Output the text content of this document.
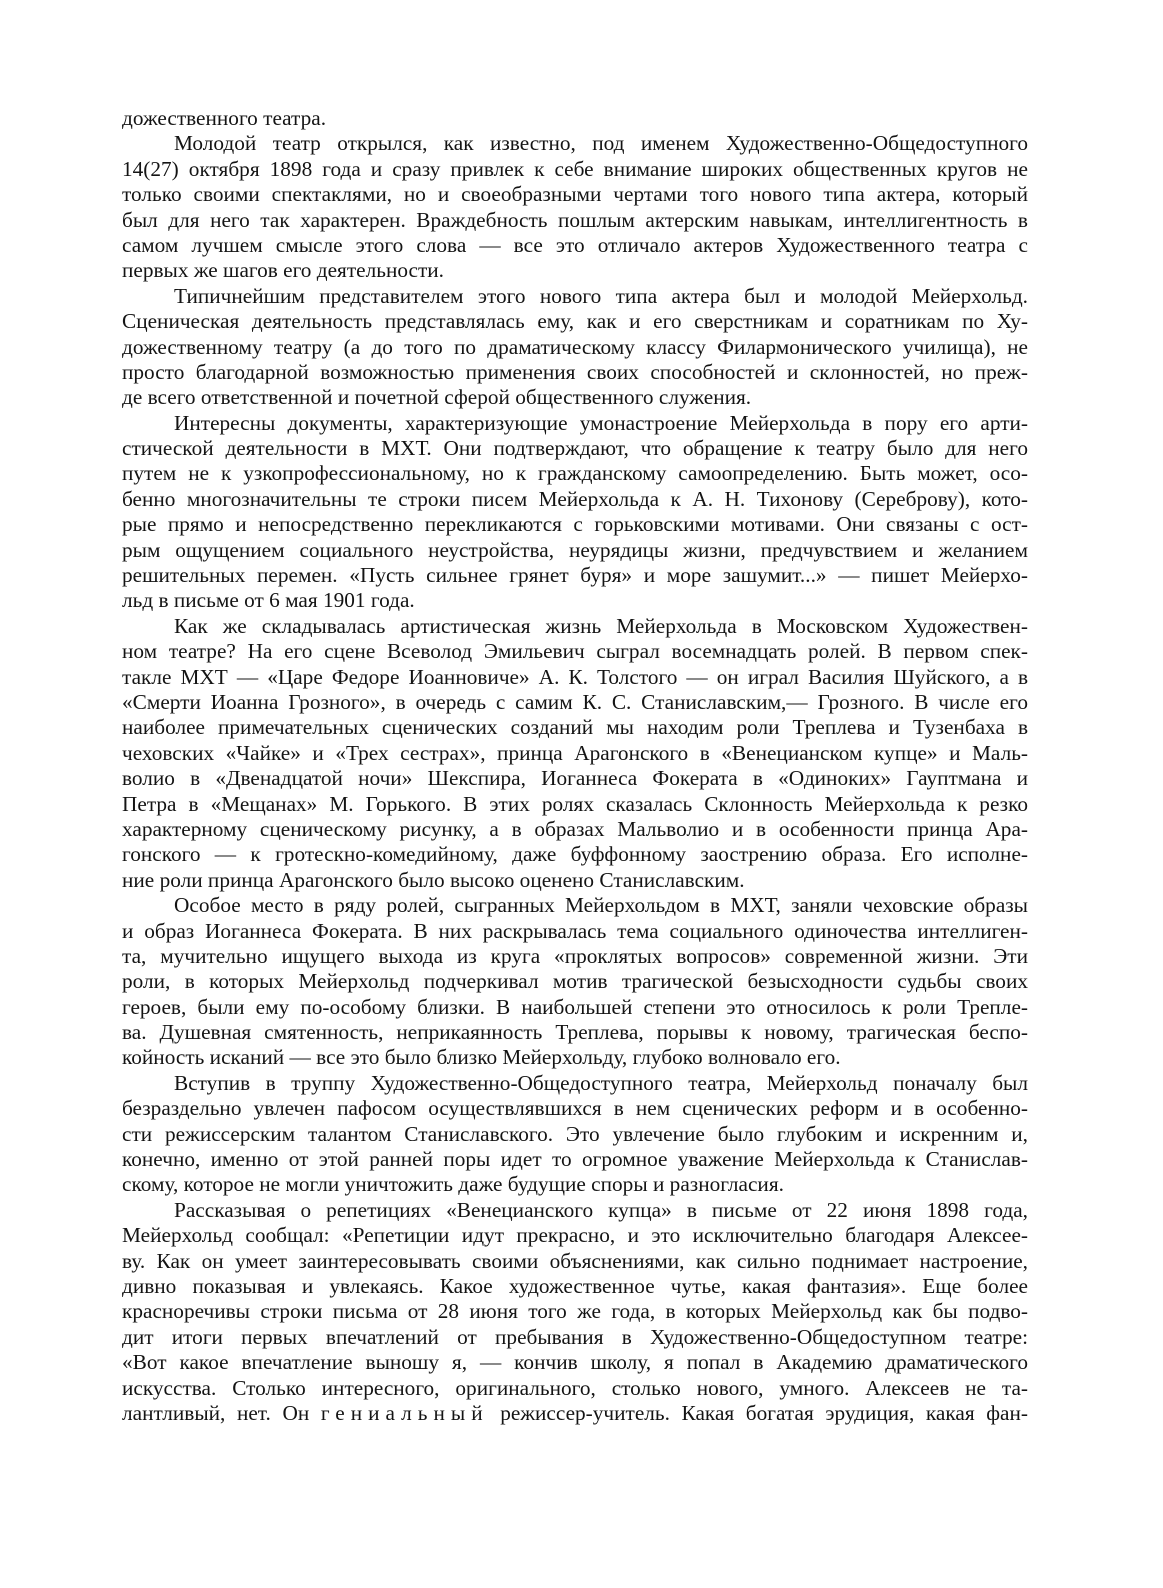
дожественного театра.
Молодой театр открылся, как известно, под именем Художественно-Общедоступного
14(27) октября 1898 года и сразу привлек к себе внимание широких общественных кругов не
только своими спектаклями, но и своеобразными чертами того нового типа актера, который
был для него так характерен. Враждебность пошлым актерским навыкам, интеллигентность в
самом лучшем смысле этого слова — все это отличало актеров Художественного театра с
первых же шагов его деятельности.
Типичнейшим представителем этого нового типа актера был и молодой Мейерхольд.
Сценическая деятельность представлялась ему, как и его сверстникам и соратникам по Ху-
дожественному театру (а до того по драматическому классу Филармонического училища), не
просто благодарной возможностью применения своих способностей и склонностей, но преж-
де всего ответственной и почетной сферой общественного служения.
Интересны документы, характеризующие умонастроение Мейерхольда в пору его арти-
стической деятельности в МХТ. Они подтверждают, что обращение к театру было для него
путем не к узкопрофессиональному, но к гражданскому самоопределению. Быть может, осо-
бенно многозначительны те строки писем Мейерхольда к А. Н. Тихонову (Сереброву), кото-
рые прямо и непосредственно перекликаются с горьковскими мотивами. Они связаны с ост-
рым ощущением социального неустройства, неурядицы жизни, предчувствием и желанием
решительных перемен. «Пусть сильнее грянет буря» и море зашумит...» — пишет Мейерхо-
льд в письме от 6 мая 1901 года.
Как же складывалась артистическая жизнь Мейерхольда в Московском Художествен-
ном театре? На его сцене Всеволод Эмильевич сыграл восемнадцать ролей. В первом спек-
такле МХТ — «Царе Федоре Иоанновиче» А. К. Толстого — он играл Василия Шуйского, а в
«Смерти Иоанна Грозного», в очередь с самим К. С. Станиславским,— Грозного. В числе его
наиболее примечательных сценических созданий мы находим роли Треплева и Тузенбаха в
чеховских «Чайке» и «Трех сестрах», принца Арагонского в «Венецианском купце» и Маль-
волио в «Двенадцатой ночи» Шекспира, Иоганнеса Фокерата в «Одиноких» Гауптмана и
Петра в «Мещанах» М. Горького. В этих ролях сказалась Склонность Мейерхольда к резко
характерному сценическому рисунку, а в образах Мальволио и в особенности принца Ара-
гонского — к гротескно-комедийному, даже буффонному заострению образа. Его исполне-
ние роли принца Арагонского было высоко оценено Станиславским.
Особое место в ряду ролей, сыгранных Мейерхольдом в МХТ, заняли чеховские образы
и образ Иоганнеса Фокерата. В них раскрывалась тема социального одиночества интеллиген-
та, мучительно ищущего выхода из круга «проклятых вопросов» современной жизни. Эти
роли, в которых Мейерхольд подчеркивал мотив трагической безысходности судьбы своих
героев, были ему по-особому близки. В наибольшей степени это относилось к роли Трепле-
ва. Душевная смятенность, неприкаянность Треплева, порывы к новому, трагическая беспо-
койность исканий — все это было близко Мейерхольду, глубоко волновало его.
Вступив в труппу Художественно-Общедоступного театра, Мейерхольд поначалу был
безраздельно увлечен пафосом осуществлявшихся в нем сценических реформ и в особенно-
сти режиссерским талантом Станиславского. Это увлечение было глубоким и искренним и,
конечно, именно от этой ранней поры идет то огромное уважение Мейерхольда к Станислав-
скому, которое не могли уничтожить даже будущие споры и разногласия.
Рассказывая о репетициях «Венецианского купца» в письме от 22 июня 1898 года,
Мейерхольд сообщал: «Репетиции идут прекрасно, и это исключительно благодаря Алексее-
ву. Как он умеет заинтересовывать своими объяснениями, как сильно поднимает настроение,
дивно показывая и увлекаясь. Какое художественное чутье, какая фантазия». Еще более
красноречивы строки письма от 28 июня того же года, в которых Мейерхольд как бы подво-
дит итоги первых впечатлений от пребывания в Художественно-Общедоступном театре:
«Вот какое впечатление выношу я, — кончив школу, я попал в Академию драматического
искусства. Столько интересного, оригинального, столько нового, умного. Алексеев не та-
лантливый, нет. Он гениальный режиссер-учитель. Какая богатая эрудиция, какая фан-
